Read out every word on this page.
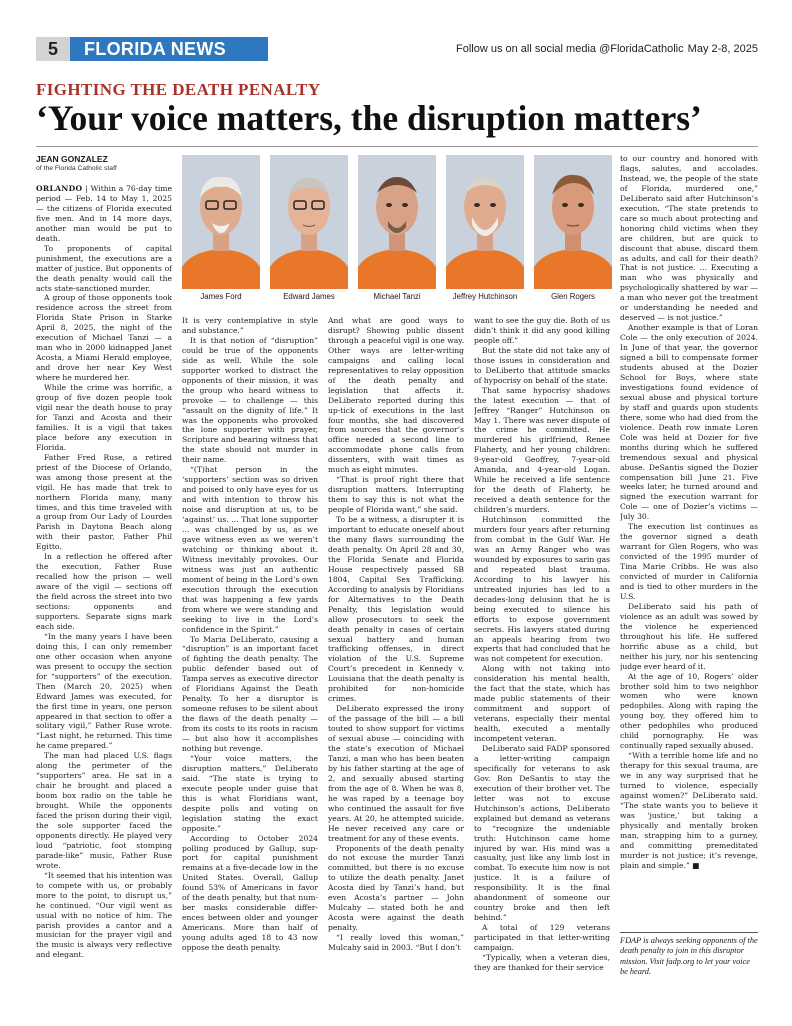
5	FLORIDA NEWS	Follow us on all social media @FloridaCatholic May 2-8, 2025
FIGHTING THE DEATH PENALTY
‘Your voice matters, the disruption matters’
JEAN GONZALEZ
of the Florida Catholic staff
James Ford	Edward James	Michael Tanzi	Jeffrey Hutchinson	Glen Rogers

ORLANDO | Within a 76-day time period — Feb. 14 to May 1, 2025 — the citizens of Florida executed five men. And in 14 more days, another man would be put to death.

To proponents of capital punishment, the executions are a matter of justice. But opponents of the death penalty would call the acts state-sanctioned murder.

A group of those opponents took residence across the street from Florida State Prison in Starke April 8, 2025, the night of the execution of Michael Tanzi — a man who in 2000 kidnapped Janet Acosta, a Miami Herald employee, and drove her near Key West where he murdered her.

While the crime was horrific, a group of five dozen people took vigil near the death house to pray for Tanzi and Acosta and their families. It is a vigil that takes place before any execution in Florida.

Father Fred Ruse, a retired priest of the Diocese of Orlando, was among those present at the vigil. He has made that trek to northern Florida many, many times, and this time traveled with a group from Our Lady of Lourdes Parish in Daytona Beach along with their pastor, Father Phil Egitto.

In a reflection he offered after the execution, Father Ruse recalled how the prison — well aware of the vigil — sections off the field across the street into two sections: opponents and supporters. Separate signs mark each side.

“In the many years I have been doing this, I can only remember one other occasion when anyone was present to occupy the section for “supporters” of the execution. Then (March 20, 2025) when Edward James was executed, for the first time in years, one person appeared in that section to offer a solitary vigil,” Father Ruse wrote. “Last night, he returned. This time he came prepared.”

The man had placed U.S. flags along the perimeter of the “supporters” area. He sat in a chair he brought and placed a boom box radio on the table he brought. While the opponents faced the prison during their vigil, the sole supporter faced the opponents directly. He played very loud “patriotic, foot stomping parade-like” music, Father Ruse wrote.

“It seemed that his intention was to compete with us, or probably more to the point, to disrupt us,” he continued. “Our vigil went as usual with no notice of him. The parish provides a cantor and a musician for the prayer vigil and the music is always very reflective and elegant.

It is very contemplative in style and substance.”

It is that notion of “disruption” could be true of the opponents side as well. While the sole supporter worked to distract the opponents of their mission, it was the group who heard witness to provoke — to challenge — this “assault on the dignity of life.” It was the opponents who provoked the lone supporter with prayer, Scripture and bearing witness that the state should not murder in their name.

“(T)hat person in the ‘supporters’ section was so driven and poised to only have eyes for us and with intention to throw his noise and disruption at us, to be ‘against’ us. … That lone supporter … was challenged by us, as we gave witness even as we weren’t watching or thinking about it. Witness inevitably provokes. Our witness was just an authentic moment of being in the Lord’s own execution through the execution that was happening a few yards from where we were standing and seeking to live in the Lord’s confidence in the Spirit.”

To Maria DeLiberato, causing a “disruption” is an important facet of fighting the death penalty. The public defender based out of Tampa serves as executive director of Floridians Against the Death Penalty. To her a disruptor is someone refuses to be silent about the flaws of the death penalty — from its costs to its roots in racism — but also how it accomplishes nothing but revenge.

“Your voice matters, the disruption matters,” DeLiberato said. “The state is trying to execute people under guise that this is what Floridians want, despite polls and voting on legislation stating the exact opposite.”

According to October 2024 polling produced by Gallup, support for capital punishment remains at a five-decade low in the United States. Overall, Gallup found 53% of Americans in favor of the death penalty, but that number masks considerable differences between older and younger Americans. More than half of young adults aged 18 to 43 now oppose the death penalty.

And what are good ways to disrupt? Showing public dissent through a peaceful vigil is one way. Other ways are letter-writing campaigns and calling local representatives to relay opposition of the death penalty and legislation that affects it. DeLiberato reported during this up-tick of executions in the last four months, she had discovered from sources that the governor’s office needed a second line to accommodate phone calls from dissenters, with wait times as much as eight minutes.

“That is proof right there that disruption matters. Interrupting them to say this is not what the people of Florida want,” she said.

To be a witness, a disrupter it is important to educate oneself about the many flaws surrounding the death penalty. On April 28 and 30, the Florida Senate and Florida House respectively passed SB 1804, Capital Sex Trafficking. According to analysis by Floridians for Alternatives to the Death Penalty, this legislation would allow prosecutors to seek the death penalty in cases of certain sexual battery and human trafficking offenses, in direct violation of the U.S. Supreme Court’s precedent in Kennedy v. Louisiana that the death penalty is prohibited for non-homicide crimes.

DeLiberato expressed the irony of the passage of the bill — a bill touted to show support for victims of sexual abuse — coinciding with the state’s execution of Michael Tanzi, a man who has been beaten by his father starting at the age of 2, and sexually abused starting from the age of 8. When he was 8, he was raped by a teenage boy who continued the assault for five years. At 20, he attempted suicide. He never received any care or treatment for any of these events.

Proponents of the death penalty do not excuse the murder Tanzi committed, but there is no excuse to utilize the death penalty. Janet Acosta died by Tanzi’s hand, but even Acosta’s partner — John Mulcahy — stated both he and Acosta were against the death penalty.

“I really loved this woman,” Mulcahy said in 2003. “But I don’t

want to see the guy die. Both of us didn’t think it did any good killing people off.”

But the state did not take any of those issues in consideration and to DeLiberto that attitude smacks of hypocrisy on behalf of the state.

That same hypocrisy shadows the latest execution — that of Jeffrey “Ranger” Hutchinson on May 1. There was never dispute of the crime he committed. He murdered his girlfriend, Renee Flaherty, and her young children: 9-year-old Geoffrey, 7-year-old Amanda, and 4-year-old Logan. While he received a life sentence for the death of Flaherty, he received a death sentence for the children’s murders.

Hutchinson committed the murders four years after returning from combat in the Gulf War. He was an Army Ranger who was wounded by exposures to sarin gas and repeated blast trauma. According to his lawyer his untreated injuries has led to a decades-long delusion that he is being executed to silence his efforts to expose government secrets. His lawyers stated during an appeals hearing from two experts that had concluded that he was not competent for execution.

Along with not taking into consideration his mental health, the fact that the state, which has made public statements of their commitment and support of veterans, especially their mental health, executed a mentally incompetent veteran.

DeLiberato said FADP sponsored a letter-writing campaign specifically for veterans to ask Gov. Ron DeSantis to stay the execution of their brother vet. The letter was not to excuse Hutchinson’s actions, DeLiberato explained but demand as veterans to “recognize the undeniable truth: Hutchinson came home injured by war. His mind was a casualty, just like any limb lost in combat. To execute him now is not justice. It is a failure of responsibility. It is the final abandonment of someone our country broke and then left behind.”

A total of 129 veterans participated in that letter-writing campaign.

“Typically, when a veteran dies, they are thanked for their service

to our country and honored with flags, salutes, and accolades. Instead, we, the people of the state of Florida, murdered one,” DeLiberato said after Hutchinson’s execution. “The state pretends to care so much about protecting and honoring child victims when they are children, but are quick to discount that abuse, discard them as adults, and call for their death? That is not justice. … Executing a man who was physically and psychologically shattered by war — a man who never got the treatment or understanding he needed and deserved — is not justice.”

Another example is that of Loran Cole — the only execution of 2024. In June of that year, the governor signed a bill to compensate former students abused at the Dozier School for Boys, where state investigations found evidence of sexual abuse and physical torture by staff and guards upon students there, some who had died from the violence. Death row inmate Loren Cole was held at Dozier for five months during which he suffered tremendous sexual and physical abuse. DeSantis signed the Dozier compensation bill June 21. Five weeks later, he turned around and signed the execution warrant for Cole — one of Dozier’s victims — July 30.

The execution list continues as the governor signed a death warrant for Glen Rogers, who was convicted of the 1995 murder of Tina Marie Cribbs. He was also convicted of murder in California and is tied to other murders in the U.S.

DeLiberato said his path of violence as an adult was sowed by the violence he experienced throughout his life. He suffered horrific abuse as a child, but neither his jury, nor his sentencing judge ever heard of it.

At the age of 10, Rogers’ older brother sold him to two neighbor women who were known pedophiles. Along with raping the young boy, they offered him to other pedophiles who produced child pornography. He was continually raped sexually abused.

“With a terrible home life and no therapy for this sexual trauma, are we in any way surprised that he turned to violence, especially against women?” DeLiberato said. “The state wants you to believe it was ‘justice,’ but taking a physically and mentally broken man, strapping him to a gurney, and committing premeditated murder is not justice; it’s revenge, plain and simple.” ■

FDAP is always seeking opponents of the death penalty to join in this disruptor mission. Visit fadp.org to let your voice be heard.
